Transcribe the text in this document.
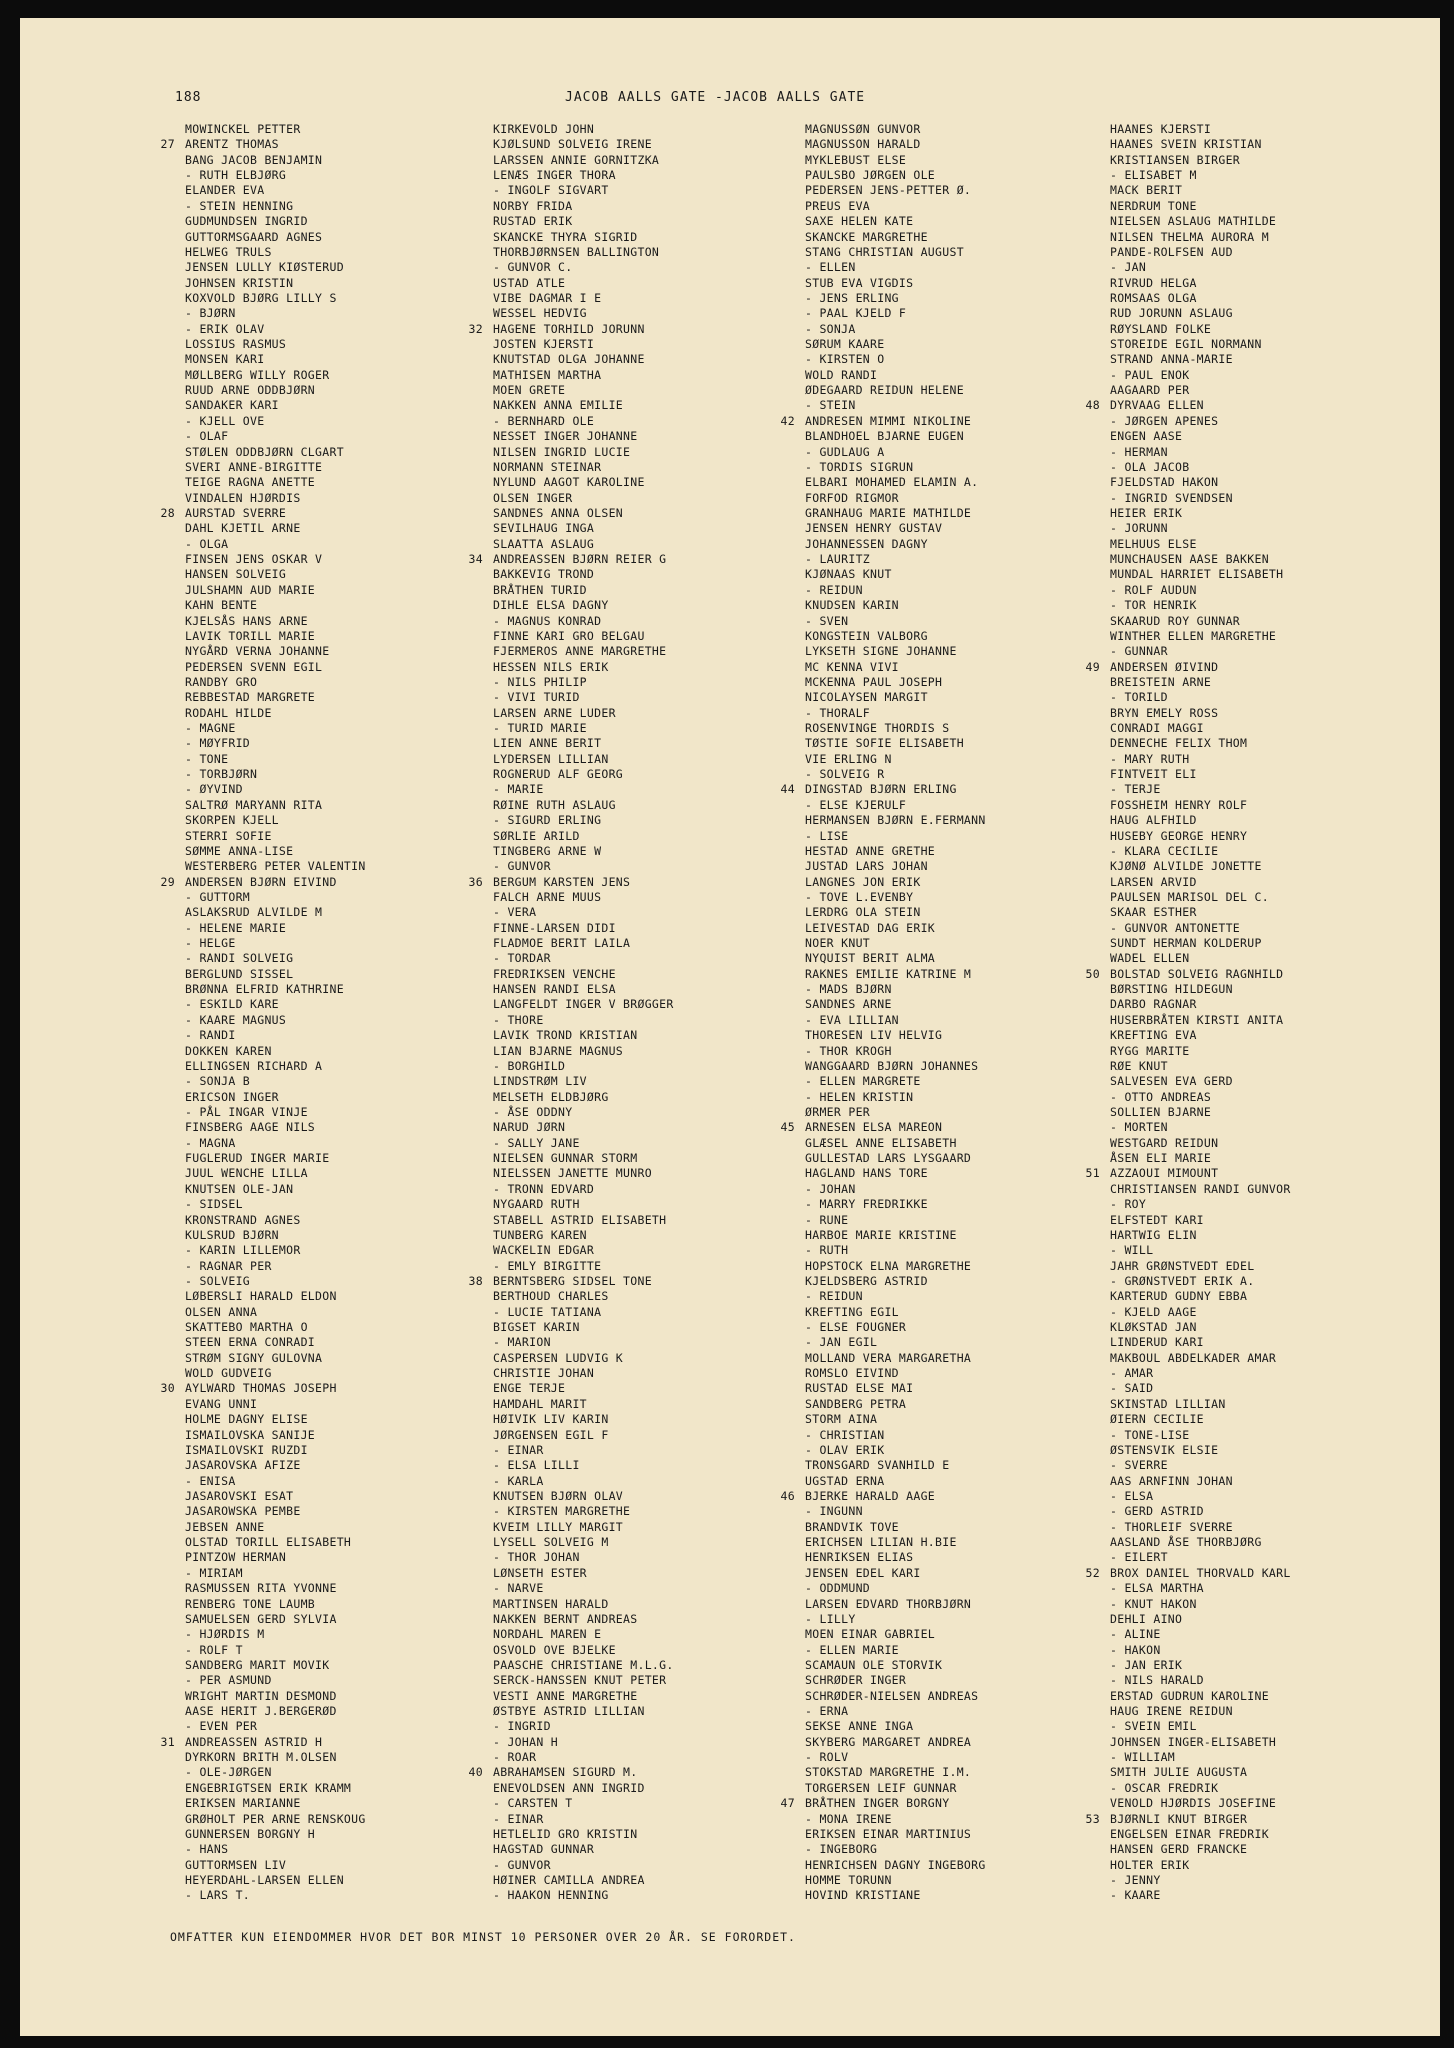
188	JACOB AALLS GATE -JACOB AALLS GATE
MOWINCKEL PETTER
27 ARENTZ THOMAS
BANG JACOB BENJAMIN
- RUTH ELBJØRG
ELANDER EVA
- STEIN HENNING
GUDMUNDSEN INGRID
GUTTORMSGAARD AGNES
HELWEG TRULS
JENSEN LULLY KIØSTERUD
JOHNSEN KRISTIN
KOXVOLD BJØRG LILLY S
- BJØRN
- ERIK OLAV
LOSSIUS RASMUS
MONSEN KARI
MØLLBERG WILLY ROGER
RUUD ARNE ODDBJØRN
SANDAKER KARI
- KJELL OVE
- OLAF
STØLEN ODDBJØRN CLGART
SVERI ANNE-BIRGITTE
TEIGE RAGNA ANETTE
VINDALEN HJØRDIS
28 AURSTAD SVERRE
DAHL KJETIL ARNE
- OLGA
FINSEN JENS OSKAR V
HANSEN SOLVEIG
JULSHAMN AUD MARIE
KAHN BENTE
KJELSÅS HANS ARNE
LAVIK TORILL MARIE
NYGÅRD VERNA JOHANNE
PEDERSEN SVENN EGIL
RANDBY GRO
REBBESTAD MARGRETE
RODAHL HILDE
- MAGNE
- MØYFRID
- TONE
- TORBJØRN
- ØYVIND
SALTRØ MARYANN RITA
SKORPEN KJELL
STERRI SOFIE
SØMME ANNA-LISE
WESTERBERG PETER VALENTIN
29 ANDERSEN BJØRN EIVIND
- GUTTORM
ASLAKSRUD ALVILDE M
- HELENE MARIE
- HELGE
- RANDI SOLVEIG
BERGLUND SISSEL
BRØNNA ELFRID KATHRINE
- ESKILD KARE
- KAARE MAGNUS
- RANDI
DOKKEN KAREN
ELLINGSEN RICHARD A
- SONJA B
ERICSON INGER
- PÅL INGAR VINJE
FINSBERG AAGE NILS
- MAGNA
FUGLERUD INGER MARIE
JUUL WENCHE LILLA
KNUTSEN OLE-JAN
- SIDSEL
KRONSTRAND AGNES
KULSRUD BJØRN
- KARIN LILLEMOR
- RAGNAR PER
- SOLVEIG
LØBERSLI HARALD ELDON
OLSEN ANNA
SKATTEBO MARTHA O
STEEN ERNA CONRADI
STRØM SIGNY GULOVNA
WOLD GUDVEIG
30 AYLWARD THOMAS JOSEPH
EVANG UNNI
HOLME DAGNY ELISE
ISMAILOVSKA SANIJE
ISMAILOVSKI RUZDI
JASAROVSKA AFIZE
- ENISA
JASAROVSKI ESAT
JASAROWSKA PEMBE
JEBSEN ANNE
OLSTAD TORILL ELISABETH
PINTZOW HERMAN
- MIRIAM
RASMUSSEN RITA YVONNE
RENBERG TONE LAUMB
SAMUELSEN GERD SYLVIA
- HJØRDIS M
- ROLF T
SANDBERG MARIT MOVIK
- PER ASMUND
WRIGHT MARTIN DESMOND
AASE HERIT J.BERGERØD
- EVEN PER
31 ANDREASSEN ASTRID H
DYRKORN BRITH M.OLSEN
- OLE-JØRGEN
ENGEBRIGTSEN ERIK KRAMM
ERIKSEN MARIANNE
GRØHOLT PER ARNE RENSKOUG
GUNNERSEN BORGNY H
- HANS
GUTTORMSEN LIV
HEYERDAHL-LARSEN ELLEN
- LARS T.
KIRKEVOLD JOHN
KJØLSUND SOLVEIG IRENE
LARSSEN ANNIE GORNITZKA
LENÆS INGER THORA
- INGOLF SIGVART
NORBY FRIDA
RUSTAD ERIK
SKANCKE THYRA SIGRID
THORBJØRNSEN BALLINGTON
- GUNVOR C.
USTAD ATLE
VIBE DAGMAR I E
WESSEL HEDVIG
32 HAGENE TORHILD JORUNN
JOSTEN KJERSTI
KNUTSTAD OLGA JOHANNE
MATHISEN MARTHA
MOEN GRETE
NAKKEN ANNA EMILIE
- BERNHARD OLE
NESSET INGER JOHANNE
NILSEN INGRID LUCIE
NORMANN STEINAR
NYLUND AAGOT KAROLINE
OLSEN INGER
SANDNES ANNA OLSEN
SEVILHAUG INGA
SLAATTA ASLAUG
34 ANDREASSEN BJØRN REIER G
BAKKEVIG TROND
BRÅTHEN TURID
DIHLE ELSA DAGNY
- MAGNUS KONRAD
FINNE KARI GRO BELGAU
FJERMEROS ANNE MARGRETHE
HESSEN NILS ERIK
- NILS PHILIP
- VIVI TURID
LARSEN ARNE LUDER
- TURID MARIE
LIEN ANNE BERIT
LYDERSEN LILLIAN
ROGNERUD ALF GEORG
- MARIE
RØINE RUTH ASLAUG
- SIGURD ERLING
SØRLIE ARILD
TINGBERG ARNE W
- GUNVOR
36 BERGUM KARSTEN JENS
FALCH ARNE MUUS
- VERA
FINNE-LARSEN DIDI
FLADMOE BERIT LAILA
- TORDAR
FREDRIKSEN VENCHE
HANSEN RANDI ELSA
LANGFELDT INGER V BRØGGER
- THORE
LAVIK TROND KRISTIAN
LIAN BJARNE MAGNUS
- BORGHILD
LINDSTRØM LIV
MELSETH ELDBJØRG
- ÅSE ODDNY
NARUD JØRN
- SALLY JANE
NIELSEN GUNNAR STORM
NIELSSEN JANETTE MUNRO
- TRONN EDVARD
NYGAARD RUTH
STABELL ASTRID ELISABETH
TUNBERG KAREN
WACKELIN EDGAR
- EMLY BIRGITTE
38 BERNTSBERG SIDSEL TONE
BERTHOUD CHARLES
- LUCIE TATIANA
BIGSET KARIN
- MARION
CASPERSEN LUDVIG K
CHRISTIE JOHAN
ENGE TERJE
HAMDAHL MARIT
HØIVIK LIV KARIN
JØRGENSEN EGIL F
- EINAR
- ELSA LILLI
- KARLA
KNUTSEN BJØRN OLAV
- KIRSTEN MARGRETHE
KVEIM LILLY MARGIT
LYSELL SOLVEIG M
- THOR JOHAN
LØNSETH ESTER
- NARVE
MARTINSEN HARALD
NAKKEN BERNT ANDREAS
NORDAHL MAREN E
OSVOLD OVE BJELKE
PAASCHE CHRISTIANE M.L.G.
SERCK-HANSSEN KNUT PETER
VESTI ANNE MARGRETHE
ØSTBYE ASTRID LILLIAN
- INGRID
- JOHAN H
- ROAR
40 ABRAHAMSEN SIGURD M.
ENEVOLDSEN ANN INGRID
- CARSTEN T
- EINAR
HETLELID GRO KRISTIN
HAGSTAD GUNNAR
- GUNVOR
HØINER CAMILLA ANDREA
- HAAKON HENNING
MAGNUSSØN GUNVOR
MAGNUSSON HARALD
MYKLEBUST ELSE
PAULSBO JØRGEN OLE
PEDERSEN JENS-PETTER Ø.
PREUS EVA
SAXE HELEN KATE
SKANCKE MARGRETHE
STANG CHRISTIAN AUGUST
- ELLEN
STUB EVA VIGDIS
- JENS ERLING
- PAAL KJELD F
- SONJA
SØRUM KAARE
- KIRSTEN O
WOLD RANDI
ØDEGAARD REIDUN HELENE
- STEIN
42 ANDRESEN MIMMI NIKOLINE
BLANDHOEL BJARNE EUGEN
- GUDLAUG A
- TORDIS SIGRUN
ELBARI MOHAMED ELAMIN A.
FORFOD RIGMOR
GRANHAUG MARIE MATHILDE
JENSEN HENRY GUSTAV
JOHANNESSEN DAGNY
- LAURITZ
KJØNAAS KNUT
- REIDUN
KNUDSEN KARIN
- SVEN
KONGSTEIN VALBORG
LYKSETH SIGNE JOHANNE
MC KENNA VIVI
MCKENNA PAUL JOSEPH
NICOLAYSEN MARGIT
- THORALF
ROSENVINGE THORDIS S
TØSTIE SOFIE ELISABETH
VIE ERLING N
- SOLVEIG R
44 DINGSTAD BJØRN ERLING
- ELSE KJERULF
HERMANSEN BJØRN E.FERMANN
- LISE
HESTAD ANNE GRETHE
JUSTAD LARS JOHAN
LANGNES JON ERIK
- TOVE L.EVENBY
LERDRG OLA STEIN
LEIVESTAD DAG ERIK
NOER KNUT
NYQUIST BERIT ALMA
RAKNES EMILIE KATRINE M
- MADS BJØRN
SANDNES ARNE
- EVA LILLIAN
THORESEN LIV HELVIG
- THOR KROGH
WANGGAARD BJØRN JOHANNES
- ELLEN MARGRETE
- HELEN KRISTIN
ØRMER PER
45 ARNESEN ELSA MAREON
GLÆSEL ANNE ELISABETH
GULLESTAD LARS LYSGAARD
HAGLAND HANS TORE
- JOHAN
- MARRY FREDRIKKE
- RUNE
HARBOE MARIE KRISTINE
- RUTH
HOPSTOCK ELNA MARGRETHE
KJELDSBERG ASTRID
- REIDUN
KREFTING EGIL
- ELSE FOUGNER
- JAN EGIL
MOLLAND VERA MARGARETHA
ROMSLO EIVIND
RUSTAD ELSE MAI
SANDBERG PETRA
STORM AINA
- CHRISTIAN
- OLAV ERIK
TRONSGARD SVANHILD E
UGSTAD ERNA
46 BJERKE HARALD AAGE
- INGUNN
BRANDVIK TOVE
ERICHSEN LILIAN H.BIE
HENRIKSEN ELIAS
JENSEN EDEL KARI
- ODDMUND
LARSEN EDVARD THORBJØRN
- LILLY
MOEN EINAR GABRIEL
- ELLEN MARIE
SCAMAUN OLE STORVIK
SCHRØDER INGER
SCHRØDER-NIELSEN ANDREAS
- ERNA
SEKSE ANNE INGA
SKYBERG MARGARET ANDREA
- ROLV
STOKSTAD MARGRETHE I.M.
TORGERSEN LEIF GUNNAR
47 BRÅTHEN INGER BORGNY
- MONA IRENE
ERIKSEN EINAR MARTINIUS
- INGEBORG
HENRICHSEN DAGNY INGEBORG
HOMME TORUNN
HOVIND KRISTIANE
HAANES KJERSTI
HAANES SVEIN KRISTIAN
KRISTIANSEN BIRGER
- ELISABET M
MACK BERIT
NERDRUM TONE
NIELSEN ASLAUG MATHILDE
NILSEN THELMA AURORA M
PANDE-ROLFSEN AUD
- JAN
RIVRUD HELGA
ROMSAAS OLGA
RUD JORUNN ASLAUG
RØYSLAND FOLKE
STOREIDE EGIL NORMANN
STRAND ANNA-MARIE
- PAUL ENOK
AAGAARD PER
48 DYRVAAG ELLEN
- JØRGEN APENES
ENGEN AASE
- HERMAN
- OLA JACOB
FJELDSTAD HAKON
- INGRID SVENDSEN
HEIER ERIK
- JORUNN
MELHUUS ELSE
MUNCHAUSEN AASE BAKKEN
MUNDAL HARRIET ELISABETH
- ROLF AUDUN
- TOR HENRIK
SKAARUD ROY GUNNAR
WINTHER ELLEN MARGRETHE
- GUNNAR
49 ANDERSEN ØIVIND
BREISTEIN ARNE
- TORILD
BRYN EMELY ROSS
CONRADI MAGGI
DENNECHE FELIX THOM
- MARY RUTH
FINTVEIT ELI
- TERJE
FOSSHEIM HENRY ROLF
HAUG ALFHILD
HUSEBY GEORGE HENRY
- KLARA CECILIE
KJØNØ ALVILDE JONETTE
LARSEN ARVID
PAULSEN MARISOL DEL C.
SKAAR ESTHER
- GUNVOR ANTONETTE
SUNDT HERMAN KOLDERUP
WADEL ELLEN
50 BOLSTAD SOLVEIG RAGNHILD
BØRSTING HILDEGUN
DARBO RAGNAR
HUSERBRÅTEN KIRSTI ANITA
KREFTING EVA
RYGG MARITE
RØE KNUT
SALVESEN EVA GERD
- OTTO ANDREAS
SOLLIEN BJARNE
- MORTEN
WESTGARD REIDUN
ÅSEN ELI MARIE
51 AZZAOUI MIMOUNT
CHRISTIANSEN RANDI GUNVOR
- ROY
ELFSTEDT KARI
HARTWIG ELIN
- WILL
JAHR GRØNSTVEDT EDEL
- GRØNSTVEDT ERIK A.
KARTERUD GUDNY EBBA
- KJELD AAGE
KLØKSTAD JAN
LINDERUD KARI
MAKBOUL ABDELKADER AMAR
- AMAR
- SAID
SKINSTAD LILLIAN
ØIERN CECILIE
- TONE-LISE
ØSTENSVIK ELSIE
- SVERRE
AAS ARNFINN JOHAN
- ELSA
- GERD ASTRID
- THORLEIF SVERRE
AASLAND ÅSE THORBJØRG
- EILERT
52 BROX DANIEL THORVALD KARL
- ELSA MARTHA
- KNUT HAKON
DEHLI AINO
- ALINE
- HAKON
- JAN ERIK
- NILS HARALD
ERSTAD GUDRUN KAROLINE
HAUG IRENE REIDUN
- SVEIN EMIL
JOHNSEN INGER-ELISABETH
- WILLIAM
SMITH JULIE AUGUSTA
- OSCAR FREDRIK
VENOLD HJØRDIS JOSEFINE
53 BJØRNLI KNUT BIRGER
ENGELSEN EINAR FREDRIK
HANSEN GERD FRANCKE
HOLTER ERIK
- JENNY
- KAARE
OMFATTER KUN EIENDOMMER HVOR DET BOR MINST 10 PERSONER OVER 20 ÅR. SE FORORDET.
